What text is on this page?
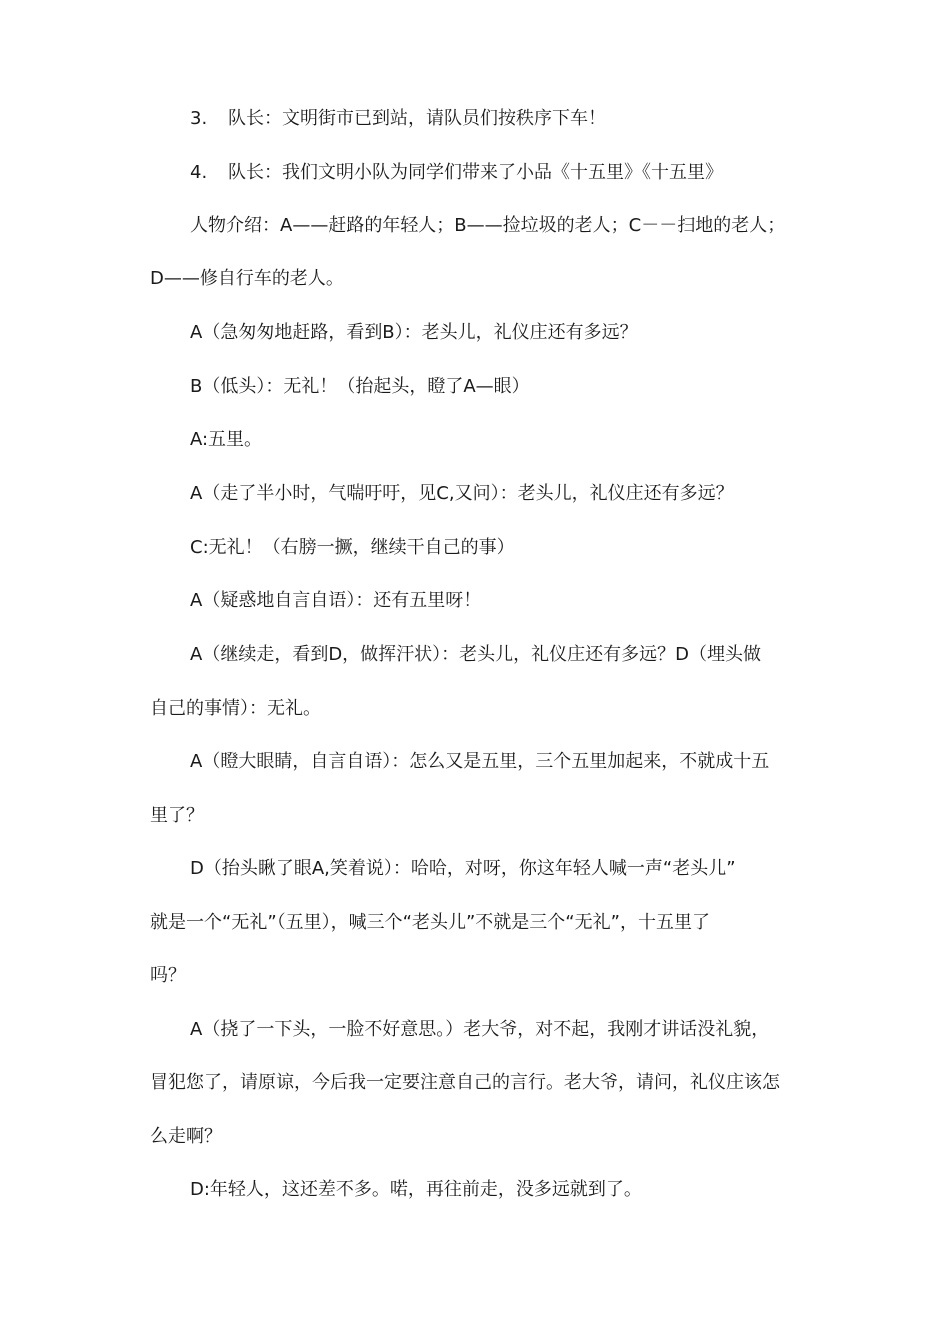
3. 队长：文明街市已到站，请队员们按秩序下车！
4. 队长：我们文明小队为同学们带来了小品《十五里》《十五里》
人物介绍：A——赶路的年轻人；B——捡垃圾的老人；C－－扫地的老人；
D——修自行车的老人。
A（急匆匆地赶路，看到B）：老头儿，礼仪庄还有多远？
B（低头）：无礼！（抬起头，瞪了A—眼）
A:五里。
A（走了半小时，气喘吁吁，见C,又问）：老头儿，礼仪庄还有多远？
C:无礼！（右膀一撅，继续干自己的事）
A（疑惑地自言自语）：还有五里呀！
A（继续走，看到D，做挥汗状）：老头儿，礼仪庄还有多远？D（埋头做
自己的事情）：无礼。
A（瞪大眼睛，自言自语）：怎么又是五里，三个五里加起来，不就成十五
里了？
D（抬头瞅了眼A,笑着说）：哈哈，对呀，你这年轻人喊一声“老头儿”
就是一个“无礼”（五里），喊三个“老头儿”不就是三个“无礼”，十五里了
吗？
A（挠了一下头，一脸不好意思。）老大爷，对不起，我刚才讲话没礼貌，
冒犯您了，请原谅，今后我一定要注意自己的言行。老大爷，请问，礼仪庄该怎
么走啊？
D:年轻人，这还差不多。喏，再往前走，没多远就到了。
